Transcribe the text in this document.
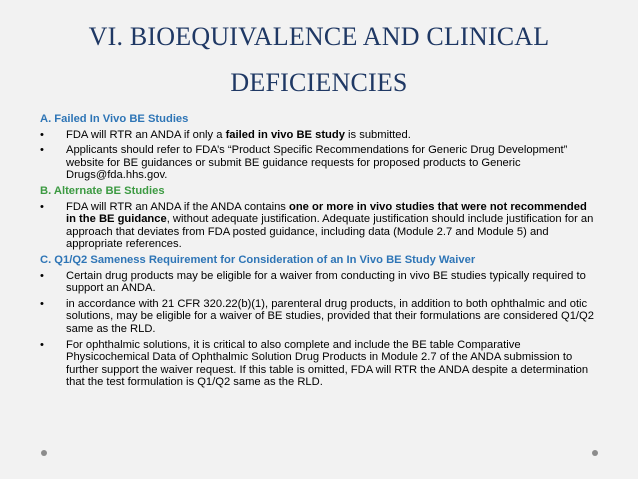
VI. BIOEQUIVALENCE AND CLINICAL
DEFICIENCIES
A. Failed In Vivo BE Studies
• FDA will RTR an ANDA if only a failed in vivo BE study is submitted.
• Applicants should refer to FDA’s “Product Specific Recommendations for Generic Drug Development” website for BE guidances or submit BE guidance requests for proposed products to Generic Drugs@fda.hhs.gov.
B. Alternate BE Studies
• FDA will RTR an ANDA if the ANDA contains one or more in vivo studies that were not recommended in the BE guidance, without adequate justification. Adequate justification should include justification for an approach that deviates from FDA posted guidance, including data (Module 2.7 and Module 5) and appropriate references.
C. Q1/Q2 Sameness Requirement for Consideration of an In Vivo BE Study Waiver
• Certain drug products may be eligible for a waiver from conducting in vivo BE studies typically required to support an ANDA.
• in accordance with 21 CFR 320.22(b)(1), parenteral drug products, in addition to both ophthalmic and otic solutions, may be eligible for a waiver of BE studies, provided that their formulations are considered Q1/Q2 same as the RLD.
• For ophthalmic solutions, it is critical to also complete and include the BE table Comparative Physicochemical Data of Ophthalmic Solution Drug Products in Module 2.7 of the ANDA submission to further support the waiver request. If this table is omitted, FDA will RTR the ANDA despite a determination that the test formulation is Q1/Q2 same as the RLD.
